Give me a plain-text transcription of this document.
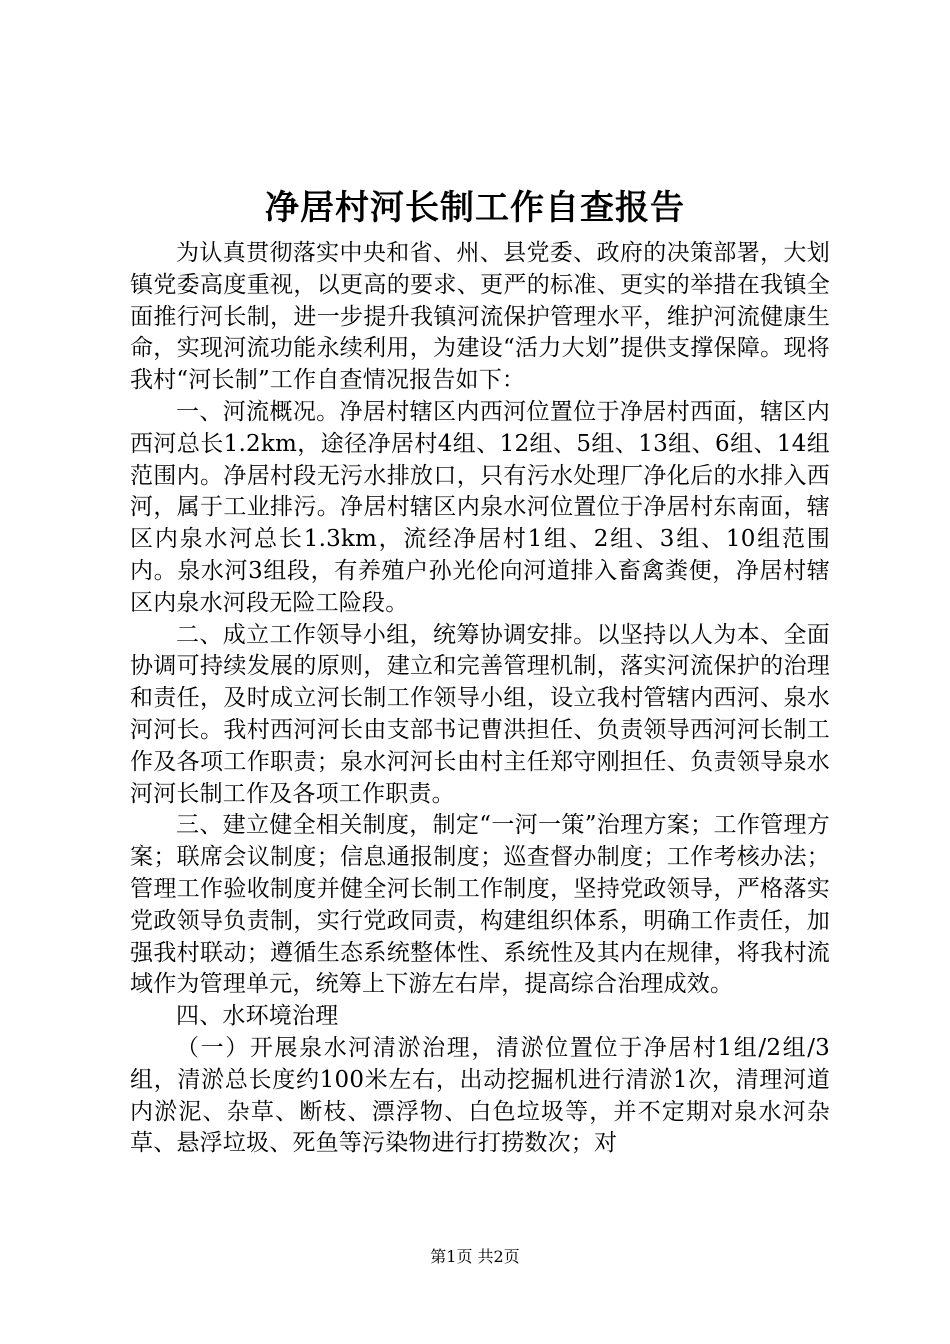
净居村河长制工作自查报告

为认真贯彻落实中央和省、州、县党委、政府的决策部署，大划镇党委高度重视，以更高的要求、更严的标准、更实的举措在我镇全面推行河长制，进一步提升我镇河流保护管理水平，维护河流健康生命，实现河流功能永续利用，为建设“活力大划”提供支撑保障。现将我村“河长制”工作自查情况报告如下：

一、河流概况。净居村辖区内西河位置位于净居村西面，辖区内西河总长1.2km，途径净居村4组、12组、5组、13组、6组、14组范围内。净居村段无污水排放口，只有污水处理厂净化后的水排入西河，属于工业排污。净居村辖区内泉水河位置位于净居村东南面，辖区内泉水河总长1.3km，流经净居村1组、2组、3组、10组范围内。泉水河3组段，有养殖户孙光伦向河道排入畜禽粪便，净居村辖区内泉水河段无险工险段。

二、成立工作领导小组，统筹协调安排。以坚持以人为本、全面协调可持续发展的原则，建立和完善管理机制，落实河流保护的治理和责任，及时成立河长制工作领导小组，设立我村管辖内西河、泉水河河长。我村西河河长由支部书记曹洪担任、负责领导西河河长制工作及各项工作职责；泉水河河长由村主任郑守刚担任、负责领导泉水河河长制工作及各项工作职责。

三、建立健全相关制度，制定“一河一策”治理方案；工作管理方案；联席会议制度；信息通报制度；巡查督办制度；工作考核办法；管理工作验收制度并健全河长制工作制度，坚持党政领导，严格落实党政领导负责制，实行党政同责，构建组织体系，明确工作责任，加强我村联动；遵循生态系统整体性、系统性及其内在规律，将我村流域作为管理单元，统筹上下游左右岸，提高综合治理成效。

四、水环境治理

（一）开展泉水河清淤治理，清淤位置位于净居村1组/2组/3组，清淤总长度约100米左右，出动挖掘机进行清淤1次，清理河道内淤泥、杂草、断枝、漂浮物、白色垃圾等，并不定期对泉水河杂草、悬浮垃圾、死鱼等污染物进行打捞数次；对

第1页 共2页
